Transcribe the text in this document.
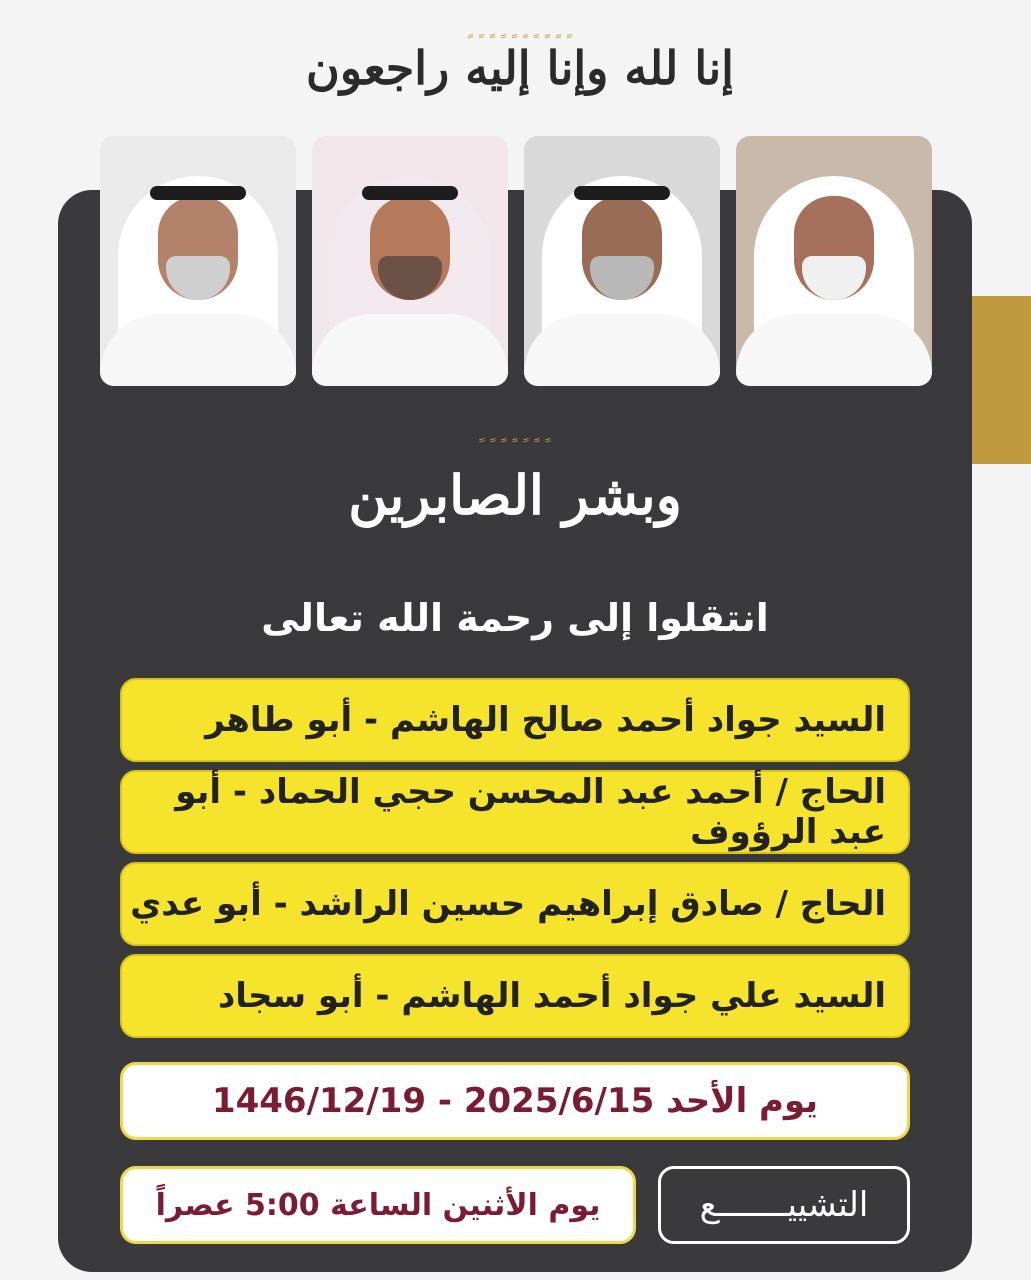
ﹴ ﹴ ﹴ ﹴ ﹴ ﹴ ﹴ ﹴ ﹴ ﹴ
إنا لله وإنا إليه راجعون
ﹴ ﹴ ﹴ ﹴ ﹴ ﹴ ﹴ
وبشر الصابرين
انتقلوا إلى رحمة الله تعالى
السيد جواد أحمد صالح الهاشم - أبو طاهر
الحاج / أحمد عبد المحسن حجي الحماد - أبو عبد الرؤوف
الحاج / صادق إبراهيم حسين الراشد - أبو عدي
السيد علي جواد أحمد الهاشم - أبو سجاد
يوم الأحد 2025/6/15 - 1446/12/19
يوم الأثنين الساعة 5:00 عصراً	التشييـــــــع
